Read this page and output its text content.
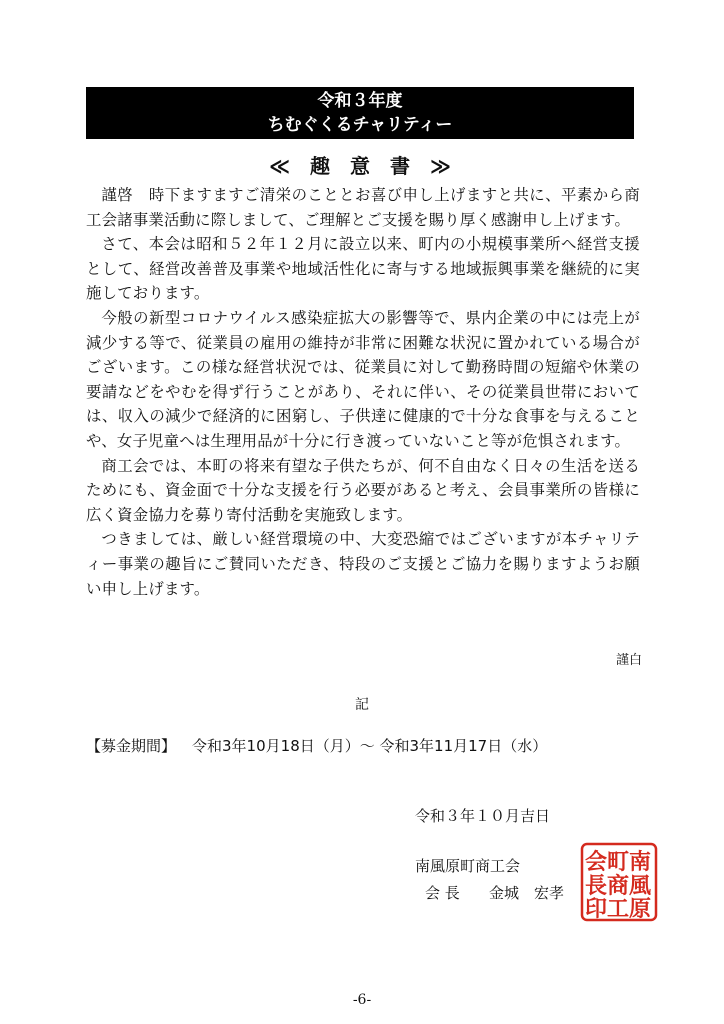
令和３年度
ちむぐくるチャリティー
≪　趣　意　書　≫

謹啓　時下ますますご清栄のこととお喜び申し上げますと共に、平素から商工会諸事業活動に際しまして、ご理解とご支援を賜り厚く感謝申し上げます。

さて、本会は昭和５２年１２月に設立以来、町内の小規模事業所へ経営支援として、経営改善普及事業や地域活性化に寄与する地域振興事業を継続的に実施しております。

今般の新型コロナウイルス感染症拡大の影響等で、県内企業の中には売上が減少する等で、従業員の雇用の維持が非常に困難な状況に置かれている場合がございます。この様な経営状況では、従業員に対して勤務時間の短縮や休業の要請などをやむを得ず行うことがあり、それに伴い、その従業員世帯においては、収入の減少で経済的に困窮し、子供達に健康的で十分な食事を与えることや、女子児童へは生理用品が十分に行き渡っていないこと等が危惧されます。

商工会では、本町の将来有望な子供たちが、何不自由なく日々の生活を送るためにも、資金面で十分な支援を行う必要があると考え、会員事業所の皆様に広く資金協力を募り寄付活動を実施致します。

つきましては、厳しい経営環境の中、大変恐縮ではございますが本チャリティー事業の趣旨にご賛同いただき、特段のご支援とご協力を賜りますようお願い申し上げます。

謹白
記
【募金期間】 令和3年10月18日（月）～ 令和3年11月17日（水）
令和３年１０月吉日
南風原町商工会
会 長 金城　宏孝
南
風
原
町
商
工
会
長
印
-6-
